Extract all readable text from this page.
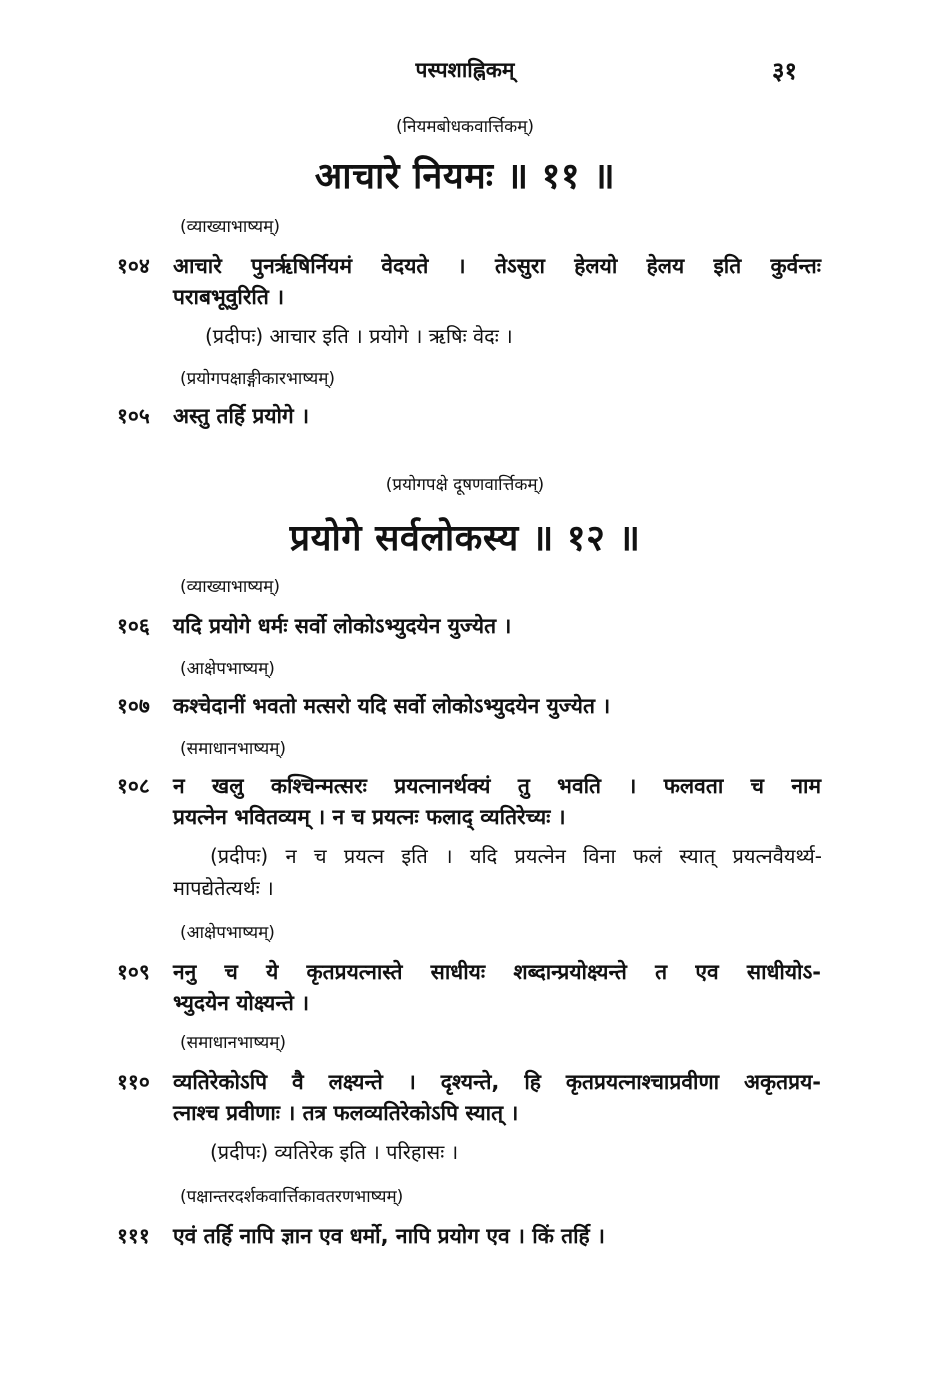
पस्पशाह्निकम्	३१
(नियमबोधकवार्त्तिकम्)
आचारे नियमः ॥ ११ ॥
(व्याख्याभाष्यम्)
१०४ आचारे पुनर्ऋषिर्नियमं वेदयते । तेऽसुरा हेलयो हेलय इति कुर्वन्तः
पराबभूवुरिति ।
(प्रदीपः) आचार इति । प्रयोगे । ऋषिः वेदः ।
(प्रयोगपक्षाङ्गीकारभाष्यम्)
१०५ अस्तु तर्हि प्रयोगे ।
(प्रयोगपक्षे दूषणवार्त्तिकम्)
प्रयोगे सर्वलोकस्य ॥ १२ ॥
(व्याख्याभाष्यम्)
१०६ यदि प्रयोगे धर्मः सर्वो लोकोऽभ्युदयेन युज्येत ।
(आक्षेपभाष्यम्)
१०७ कश्चेदानीं भवतो मत्सरो यदि सर्वो लोकोऽभ्युदयेन युज्येत ।
(समाधानभाष्यम्)
१०८ न खलु कश्चिन्मत्सरः प्रयत्नानर्थक्यं तु भवति । फलवता च नाम
प्रयत्नेन भवितव्यम् । न च प्रयत्नः फलाद् व्यतिरेच्यः ।
(प्रदीपः) न च प्रयत्न इति । यदि प्रयत्नेन विना फलं स्यात् प्रयत्नवैयर्थ्य-
मापद्येतेत्यर्थः ।
(आक्षेपभाष्यम्)
१०९ ननु च ये कृतप्रयत्नास्ते साधीयः शब्दान्प्रयोक्ष्यन्ते त एव साधीयोऽ-
भ्युदयेन योक्ष्यन्ते ।
(समाधानभाष्यम्)
११० व्यतिरेकोऽपि वै लक्ष्यन्ते । दृश्यन्ते, हि कृतप्रयत्नाश्चाप्रवीणा अकृतप्रय-
त्नाश्च प्रवीणाः । तत्र फलव्यतिरेकोऽपि स्यात् ।
(प्रदीपः) व्यतिरेक इति । परिहासः ।
(पक्षान्तरदर्शकवार्त्तिकावतरणभाष्यम्)
१११ एवं तर्हि नापि ज्ञान एव धर्मो, नापि प्रयोग एव । किं तर्हि ।
